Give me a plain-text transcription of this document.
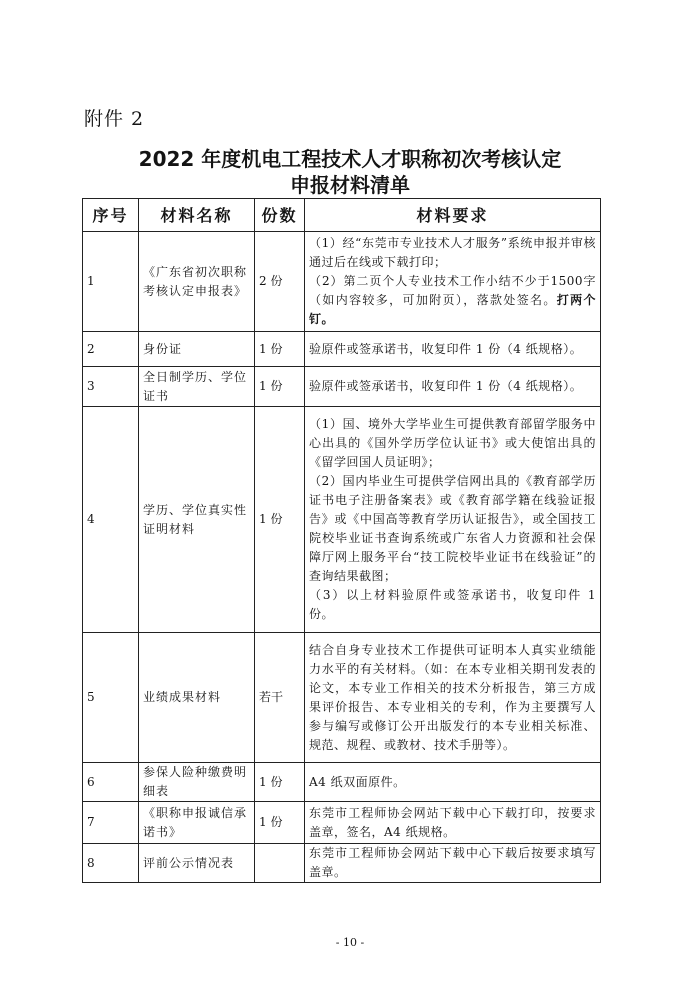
附件 2
2022 年度机电工程技术人才职称初次考核认定
申报材料清单
序号	材料名称	份数	材料要求
1	《广东省初次职称考核认定申报表》	2 份	（1）经“东莞市专业技术人才服务”系统申报并审核通过后在线或下载打印；
（2）第二页个人专业技术工作小结不少于1500字（如内容较多，可加附页），落款处签名。打两个钉。

2	身份证	1 份	验原件或签承诺书，收复印件 1 份（4 纸规格）。

3	全日制学历、学位证书	1 份	验原件或签承诺书，收复印件 1 份（4 纸规格）。

4	学历、学位真实性证明材料	1 份	（1）国、境外大学毕业生可提供教育部留学服务中心出具的《国外学历学位认证书》或大使馆出具的《留学回国人员证明》；
（2）国内毕业生可提供学信网出具的《教育部学历证书电子注册备案表》或《教育部学籍在线验证报告》或《中国高等教育学历认证报告》，或全国技工院校毕业证书查询系统或广东省人力资源和社会保障厅网上服务平台“技工院校毕业证书在线验证”的查询结果截图；
（3）以上材料验原件或签承诺书，收复印件 1 份。

5	业绩成果材料	若干	结合自身专业技术工作提供可证明本人真实业绩能力水平的有关材料。（如：在本专业相关期刊发表的论文，本专业工作相关的技术分析报告，第三方成果评价报告、本专业相关的专利，作为主要撰写人参与编写或修订公开出版发行的本专业相关标准、规范、规程、或教材、技术手册等）。

6	参保人险种缴费明细表	1 份	A4 纸双面原件。

7	《职称申报诚信承诺书》	1 份	东莞市工程师协会网站下载中心下载打印，按要求盖章，签名，A4 纸规格。

8	评前公示情况表		东莞市工程师协会网站下载中心下载后按要求填写盖章。
- 10 -
